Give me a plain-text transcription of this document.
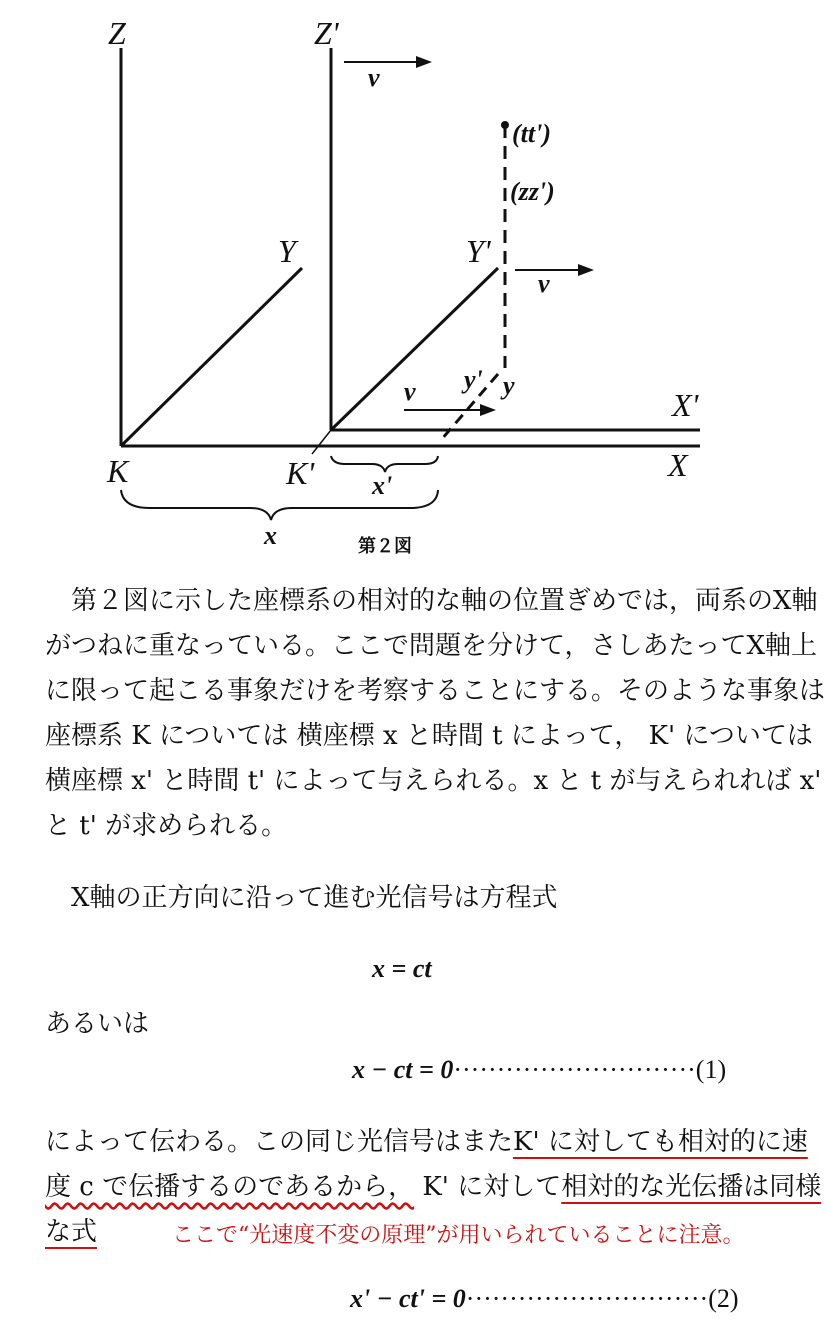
Z	Z'
Y	Y'
X'
X
K	K'
v
v
v
(tt')
(zz')
y' y
x'
x	第２図
第２図に示した座標系の相対的な軸の位置ぎめでは，両系のX軸
がつねに重なっている。ここで問題を分けて，さしあたってX軸上
に限って起こる事象だけを考察することにする。そのような事象は
座標系 K については 横座標 x と時間 t によって， K' については
横座標 x' と時間 t' によって与えられる。x と t が与えられれば x'
と t' が求められる。
X軸の正方向に沿って進む光信号は方程式
x = ct
あるいは
x − ct = 0····························(1)
によって伝わる。この同じ光信号はまたK' に対しても相対的に速
度 c で伝播するのであるから， K' に対して相対的な光伝播は同様
な式	ここで“光速度不変の原理”が用いられていることに注意。
x' − ct' = 0····························(2)
